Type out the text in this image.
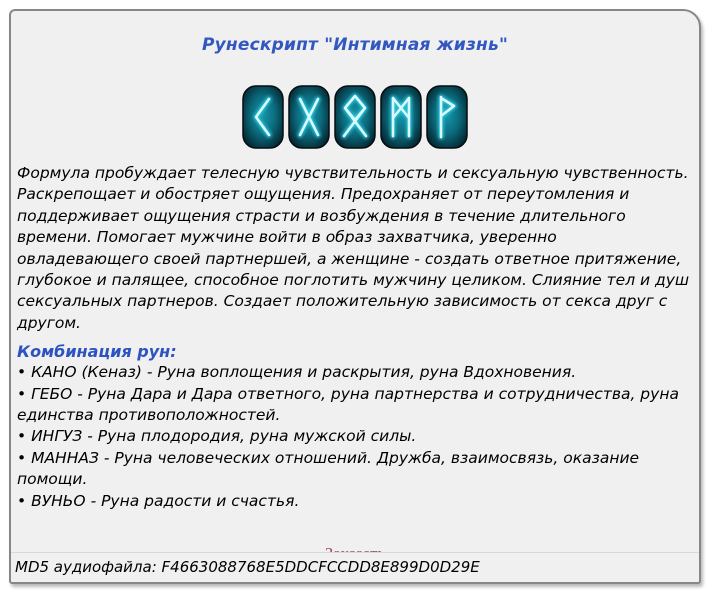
Рунескрипт "Интимная жизнь"
Формула пробуждает телесную чувствительность и сексуальную чувственность. Раскрепощает и обостряет ощущения. Предохраняет от переутомления и поддерживает ощущения страсти и возбуждения в течение длительного времени. Помогает мужчине войти в образ захватчика, уверенно овладевающего своей партнершей, а женщине - создать ответное притяжение, глубокое и палящее, способное поглотить мужчину целиком. Слияние тел и душ сексуальных партнеров. Создает положительную зависимость от секса друг с другом.
Комбинация рун:
• КАНО (Кеназ) - Руна воплощения и раскрытия, руна Вдохновения.
• ГЕБО - Руна Дара и Дара ответного, руна партнерства и сотрудничества, руна единства противоположностей.
• ИНГУЗ - Руна плодородия, руна мужской силы.
• МАННАЗ - Руна человеческих отношений. Дружба, взаимосвязь, оказание помощи.
• ВУНЬО - Руна радости и счастья.
MD5 аудиофайла: F4663088768E5DDCFCCDD8E899D0D29E
